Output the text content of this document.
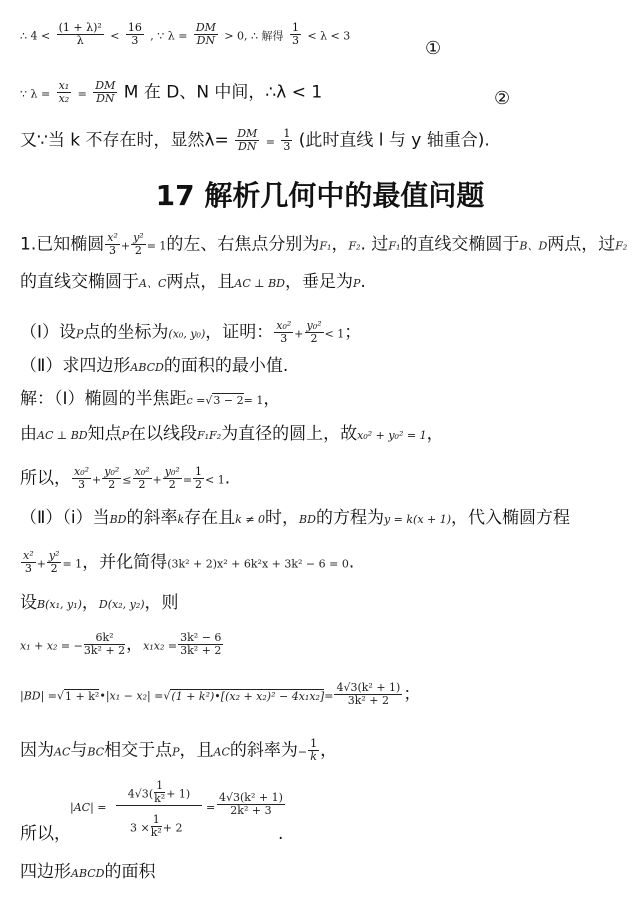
∴ $4 < \frac{\text{(1 + λ)²}}{\lambda} < \frac{16}{3}$ , ∵ $\lambda = \frac{DM}{DN} > 0$, ∴ 解得 $\frac{1}{3} < \lambda < 3$
①
∵ $\lambda = \frac{\text{x₁}}{\text{x₂}} = \frac{DM}{DN}$ M 在 D、N 中间，∴λ < 1	②
又∵当 k 不存在时，显然$\lambda= \frac{DM}{DN} = \frac{1}{3}$ (此时直线 l 与 y 轴重合).
17 解析几何中的最值问题
1.已知椭圆 $\frac{\text{x²}}{3} + \frac{\text{y²}}{2} = 1$的左、右焦点分别为F₁，F₂. 过F₁的直线交椭圆于B、D两点，过F₂
的直线交椭圆于A、C两点，且AC ⊥ BD，垂足为P.
（Ⅰ）设P点的坐标为(x₀, y₀)，证明： $\frac{\text{x₀²}}{3} + \frac{\text{y₀²}}{2} < 1$；
（Ⅱ）求四边形ABCD的面积的最小值.
解：（Ⅰ）椭圆的半焦距c =√3 − 2= 1，
由AC ⊥ BD知点P在以线段F₁F₂为直径的圆上，故x₀² + y₀² = 1，
所以， $\frac{\text{x₀²}}{3} + \frac{\text{y₀²}}{2} \le \frac{\text{x₀²}}{2} + \frac{\text{y₀²}}{2} = \frac{1}{2} < 1$.
（Ⅱ）（ⅰ）当BD的斜率k存在且k ≠ 0时，BD的方程为y = k(x + 1)，代入椭圆方程
$\frac{\text{x²}}{3} + \frac{\text{y²}}{2} = 1$，并化简得(3k² + 2)x² + 6k²x + 3k² − 6 = 0.
设B(x₁, y₁)，D(x₂, y₂)，则
x₁ + x₂ = − $\frac{\text{6k²}}{\text{3k² + 2}}$ ，$x_1x_2 = \frac{\text{3k² − 6}}{\text{3k² + 2}}$
|BD| =√1 + k²•|x₁ − x₂| =√(1 + k²)•[(x₂ + $x_2)^2 - 4x_1x_2]= \frac{\text{4√3(k² + 1)}}{\text{3k² + 2}}$ ；
因为AC与BC相交于点P，且AC的斜率为− $\frac{1}{k}$ ，
所以，
|AC| =
$4√3( \frac{1}{\text{k²}} + 1)$
$3 \times \frac{1}{\text{k²}} + 2$
= $\frac{\text{4√3(k² + 1)}}{\text{2k² + 3}}$
.
四边形ABCD的面积
